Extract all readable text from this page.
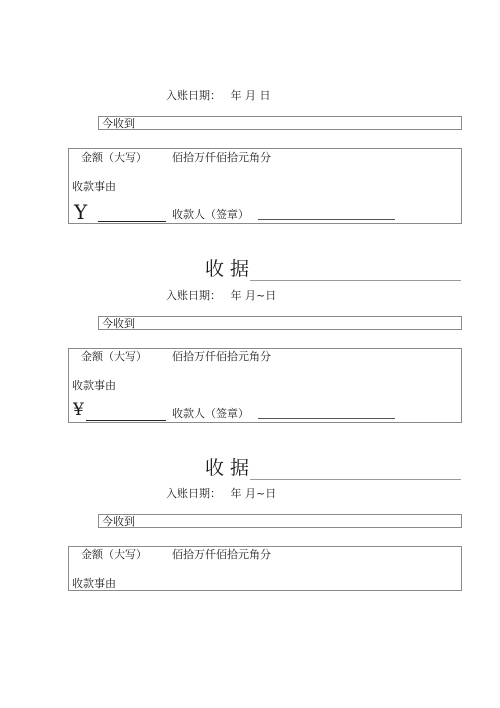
入账日期： 年 月 日
今收到
金额（大写） 佰拾万仟佰拾元角分
收款事由
Y	收款人（签章）
收据
入账日期： 年 月~日
今收到
金额（大写） 佰拾万仟佰拾元角分
收款事由
¥	收款人（签章）
收据
入账日期： 年 月~日
今收到
金额（大写） 佰拾万仟佰拾元角分
收款事由
